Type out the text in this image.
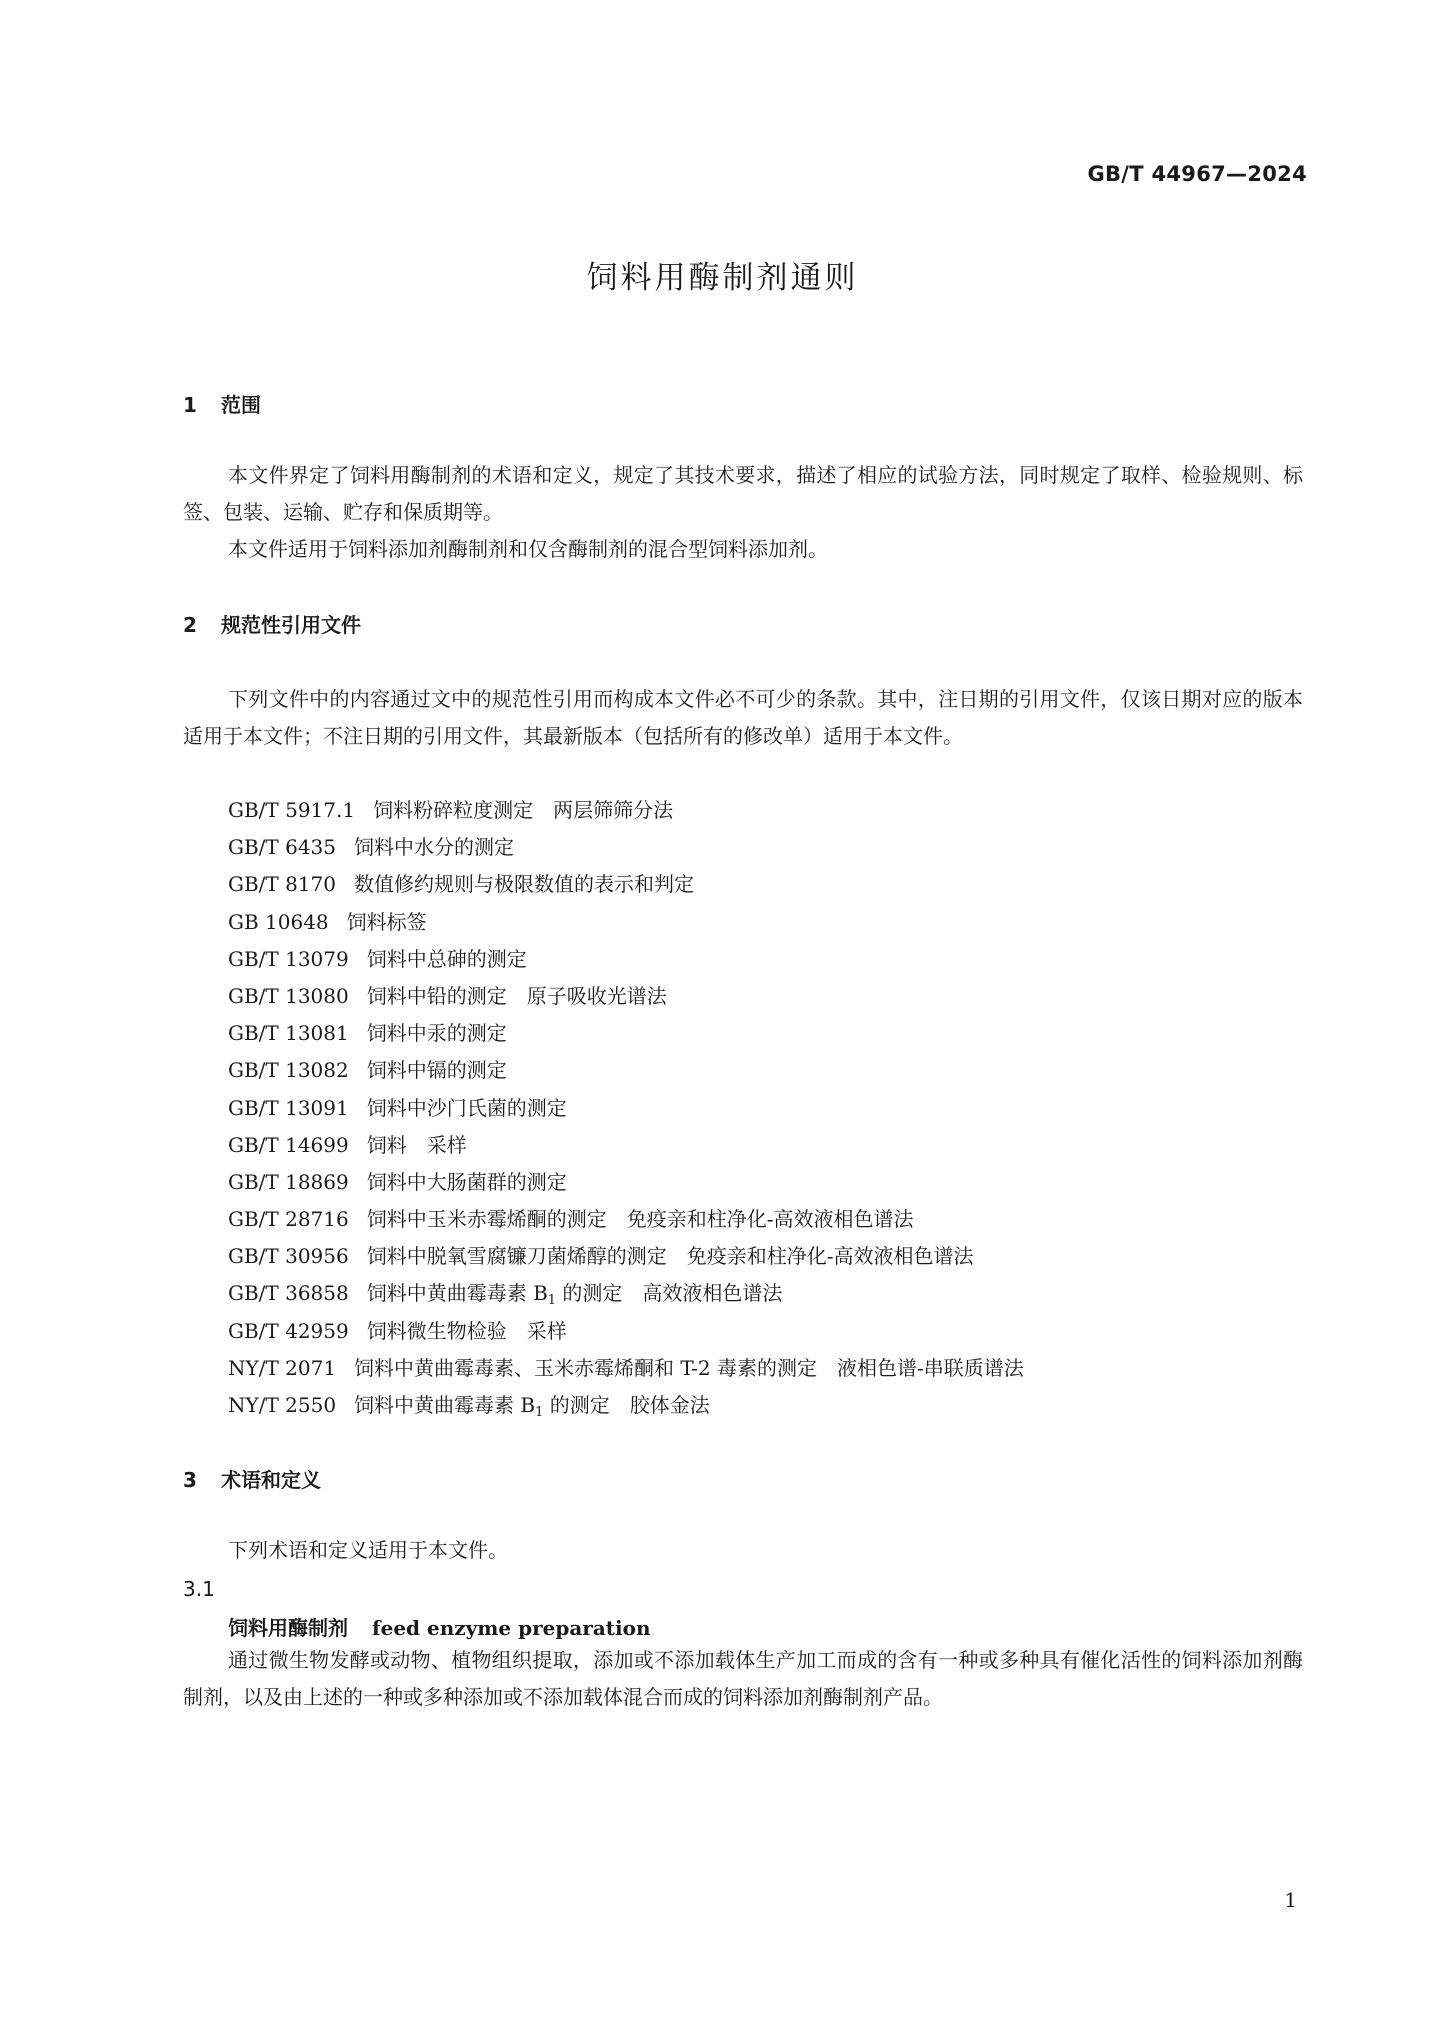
GB/T 44967—2024
饲料用酶制剂通则
1 范围

本文件界定了饲料用酶制剂的术语和定义，规定了其技术要求，描述了相应的试验方法，同时规定了取样、检验规则、标签、包装、运输、贮存和保质期等。

本文件适用于饲料添加剂酶制剂和仅含酶制剂的混合型饲料添加剂。

2 规范性引用文件

下列文件中的内容通过文中的规范性引用而构成本文件必不可少的条款。其中，注日期的引用文件，仅该日期对应的版本适用于本文件；不注日期的引用文件，其最新版本（包括所有的修改单）适用于本文件。

GB/T 5917.1 饲料粉碎粒度测定　两层筛筛分法
GB/T 6435 饲料中水分的测定
GB/T 8170 数值修约规则与极限数值的表示和判定
GB 10648 饲料标签
GB/T 13079 饲料中总砷的测定
GB/T 13080 饲料中铅的测定　原子吸收光谱法
GB/T 13081 饲料中汞的测定
GB/T 13082 饲料中镉的测定
GB/T 13091 饲料中沙门氏菌的测定
GB/T 14699 饲料　采样
GB/T 18869 饲料中大肠菌群的测定
GB/T 28716 饲料中玉米赤霉烯酮的测定　免疫亲和柱净化-高效液相色谱法
GB/T 30956 饲料中脱氧雪腐镰刀菌烯醇的测定　免疫亲和柱净化-高效液相色谱法
GB/T 36858 饲料中黄曲霉毒素 $B_1$ 的测定　高效液相色谱法
GB/T 42959 饲料微生物检验　采样
NY/T 2071 饲料中黄曲霉毒素、玉米赤霉烯酮和 T-2 毒素的测定　液相色谱-串联质谱法
NY/T 2550 饲料中黄曲霉毒素 $B_1$ 的测定　胶体金法
3 术语和定义

下列术语和定义适用于本文件。

3.1
饲料用酶制剂 feed enzyme preparation

通过微生物发酵或动物、植物组织提取，添加或不添加载体生产加工而成的含有一种或多种具有催化活性的饲料添加剂酶制剂，以及由上述的一种或多种添加或不添加载体混合而成的饲料添加剂酶制剂产品。

1
